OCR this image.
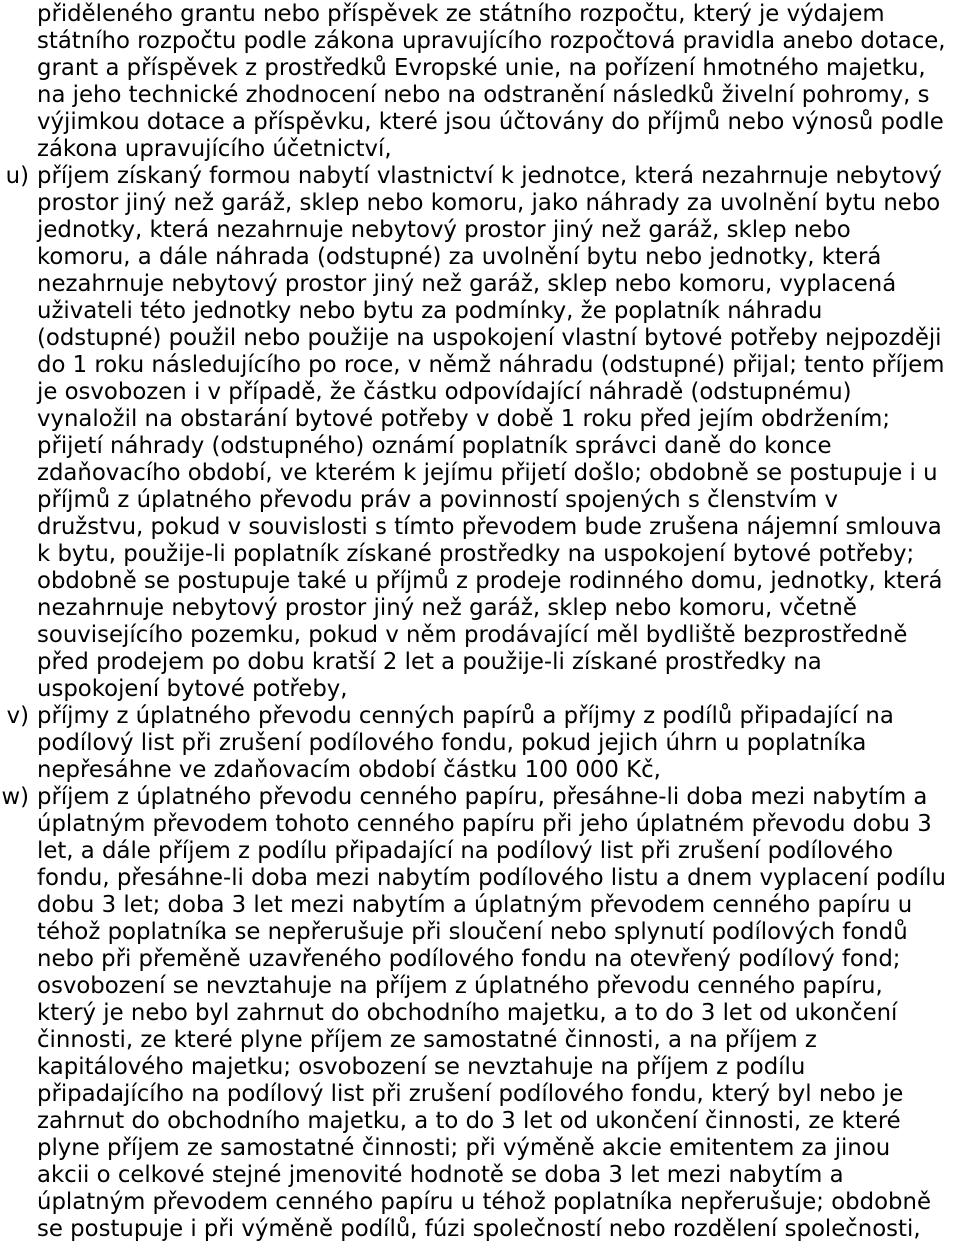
přiděleného grantu nebo příspěvek ze státního rozpočtu, který je výdajem
státního rozpočtu podle zákona upravujícího rozpočtová pravidla anebo dotace,
grant a příspěvek z prostředků Evropské unie, na pořízení hmotného majetku,
na jeho technické zhodnocení nebo na odstranění následků živelní pohromy, s
výjimkou dotace a příspěvku, které jsou účtovány do příjmů nebo výnosů podle
zákona upravujícího účetnictví,
u) příjem získaný formou nabytí vlastnictví k jednotce, která nezahrnuje nebytový
prostor jiný než garáž, sklep nebo komoru, jako náhrady za uvolnění bytu nebo
jednotky, která nezahrnuje nebytový prostor jiný než garáž, sklep nebo
komoru, a dále náhrada (odstupné) za uvolnění bytu nebo jednotky, která
nezahrnuje nebytový prostor jiný než garáž, sklep nebo komoru, vyplacená
uživateli této jednotky nebo bytu za podmínky, že poplatník náhradu
(odstupné) použil nebo použije na uspokojení vlastní bytové potřeby nejpozději
do 1 roku následujícího po roce, v němž náhradu (odstupné) přijal; tento příjem
je osvobozen i v případě, že částku odpovídající náhradě (odstupnému)
vynaložil na obstarání bytové potřeby v době 1 roku před jejím obdržením;
přijetí náhrady (odstupného) oznámí poplatník správci daně do konce
zdaňovacího období, ve kterém k jejímu přijetí došlo; obdobně se postupuje i u
příjmů z úplatného převodu práv a povinností spojených s členstvím v
družstvu, pokud v souvislosti s tímto převodem bude zrušena nájemní smlouva
k bytu, použije-li poplatník získané prostředky na uspokojení bytové potřeby;
obdobně se postupuje také u příjmů z prodeje rodinného domu, jednotky, která
nezahrnuje nebytový prostor jiný než garáž, sklep nebo komoru, včetně
souvisejícího pozemku, pokud v něm prodávající měl bydliště bezprostředně
před prodejem po dobu kratší 2 let a použije-li získané prostředky na
uspokojení bytové potřeby,
v) příjmy z úplatného převodu cenných papírů a příjmy z podílů připadající na
podílový list při zrušení podílového fondu, pokud jejich úhrn u poplatníka
nepřesáhne ve zdaňovacím období částku 100 000 Kč,
w) příjem z úplatného převodu cenného papíru, přesáhne-li doba mezi nabytím a
úplatným převodem tohoto cenného papíru při jeho úplatném převodu dobu 3
let, a dále příjem z podílu připadající na podílový list při zrušení podílového
fondu, přesáhne-li doba mezi nabytím podílového listu a dnem vyplacení podílu
dobu 3 let; doba 3 let mezi nabytím a úplatným převodem cenného papíru u
téhož poplatníka se nepřerušuje při sloučení nebo splynutí podílových fondů
nebo při přeměně uzavřeného podílového fondu na otevřený podílový fond;
osvobození se nevztahuje na příjem z úplatného převodu cenného papíru,
který je nebo byl zahrnut do obchodního majetku, a to do 3 let od ukončení
činnosti, ze které plyne příjem ze samostatné činnosti, a na příjem z
kapitálového majetku; osvobození se nevztahuje na příjem z podílu
připadajícího na podílový list při zrušení podílového fondu, který byl nebo je
zahrnut do obchodního majetku, a to do 3 let od ukončení činnosti, ze které
plyne příjem ze samostatné činnosti; při výměně akcie emitentem za jinou
akcii o celkové stejné jmenovité hodnotě se doba 3 let mezi nabytím a
úplatným převodem cenného papíru u téhož poplatníka nepřerušuje; obdobně
se postupuje i při výměně podílů, fúzi společností nebo rozdělení společnosti,
